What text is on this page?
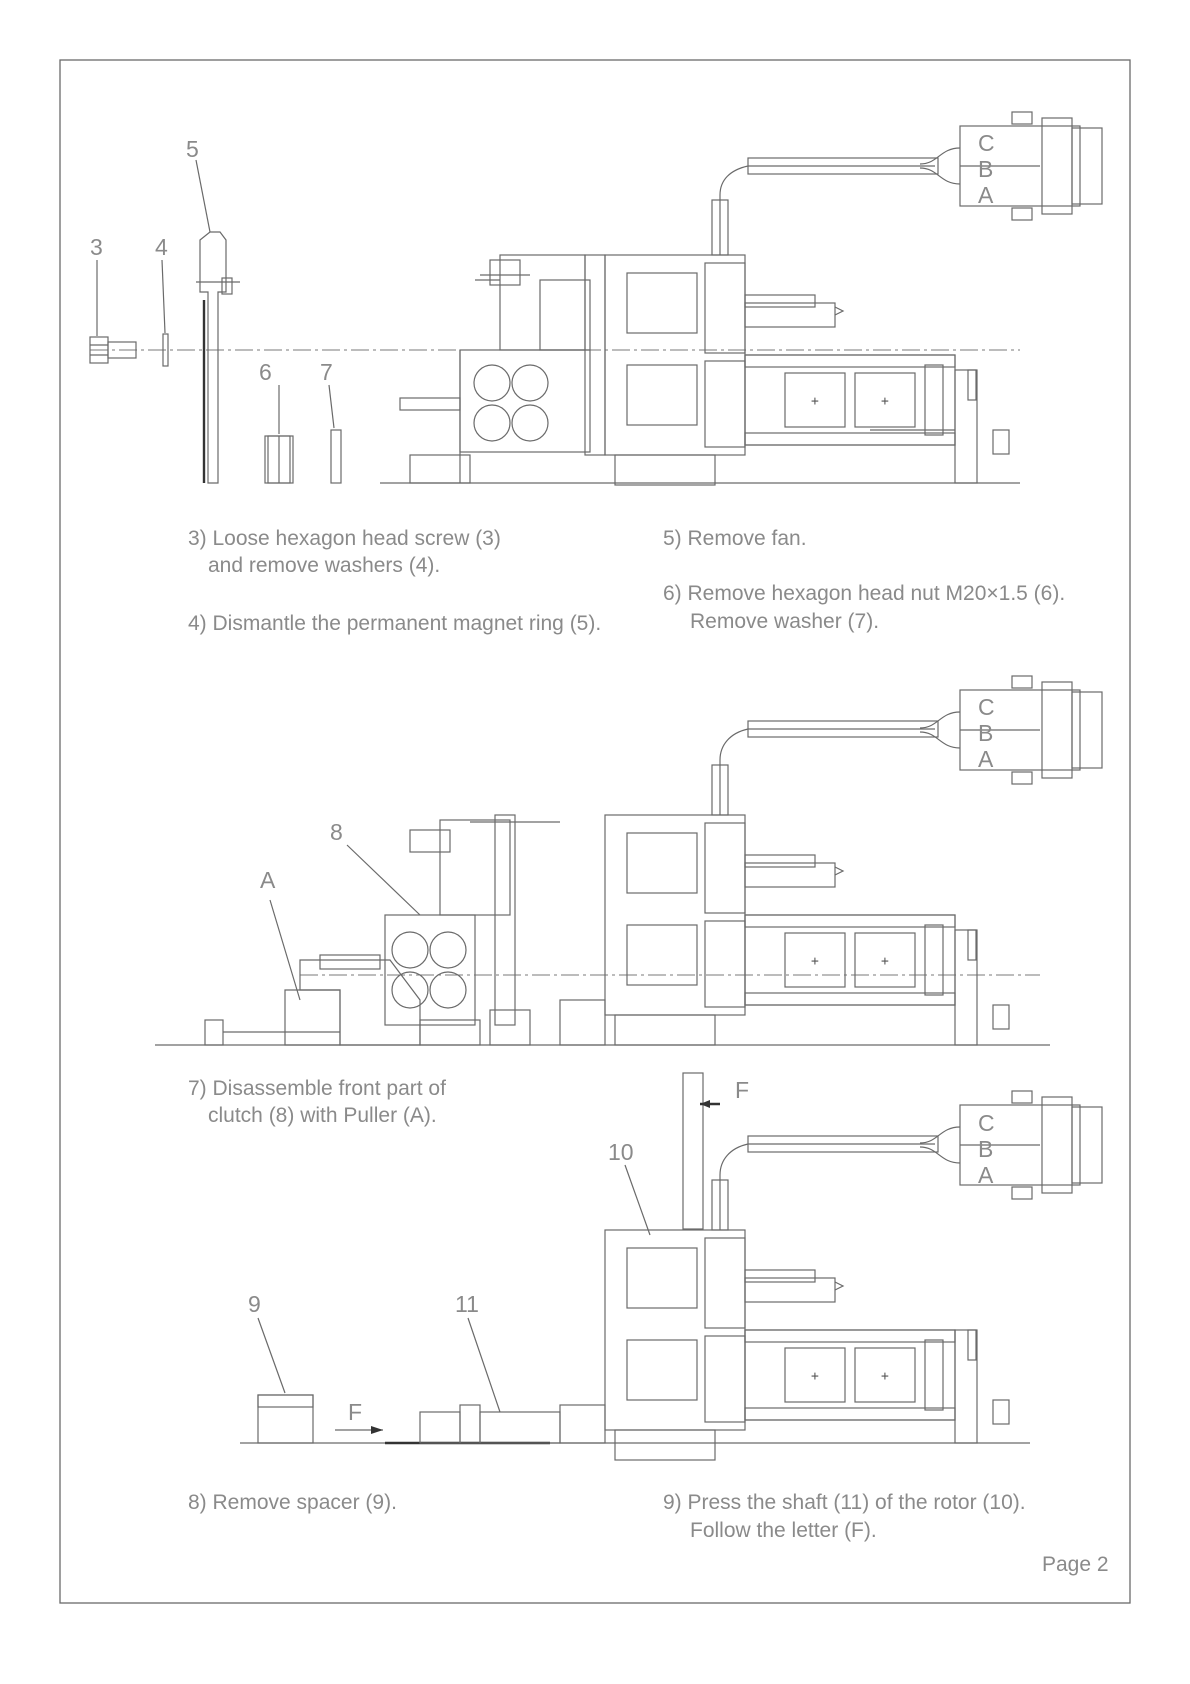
+	+	C
B
A
5
3 4
6 7
3) Loose hexagon head screw (3)
and remove washers (4).
4) Dismantle the permanent magnet ring (5).
5) Remove fan.
6) Remove hexagon head nut M20×1.5 (6).
Remove washer (7).
C
B
A
8
A
7) Disassemble front part of
clutch (8) with Puller (A).	C
B
A
10
9	11
F
F
8) Remove spacer (9).	9) Press the shaft (11) of the rotor (10).
Follow the letter (F).
Page 2
